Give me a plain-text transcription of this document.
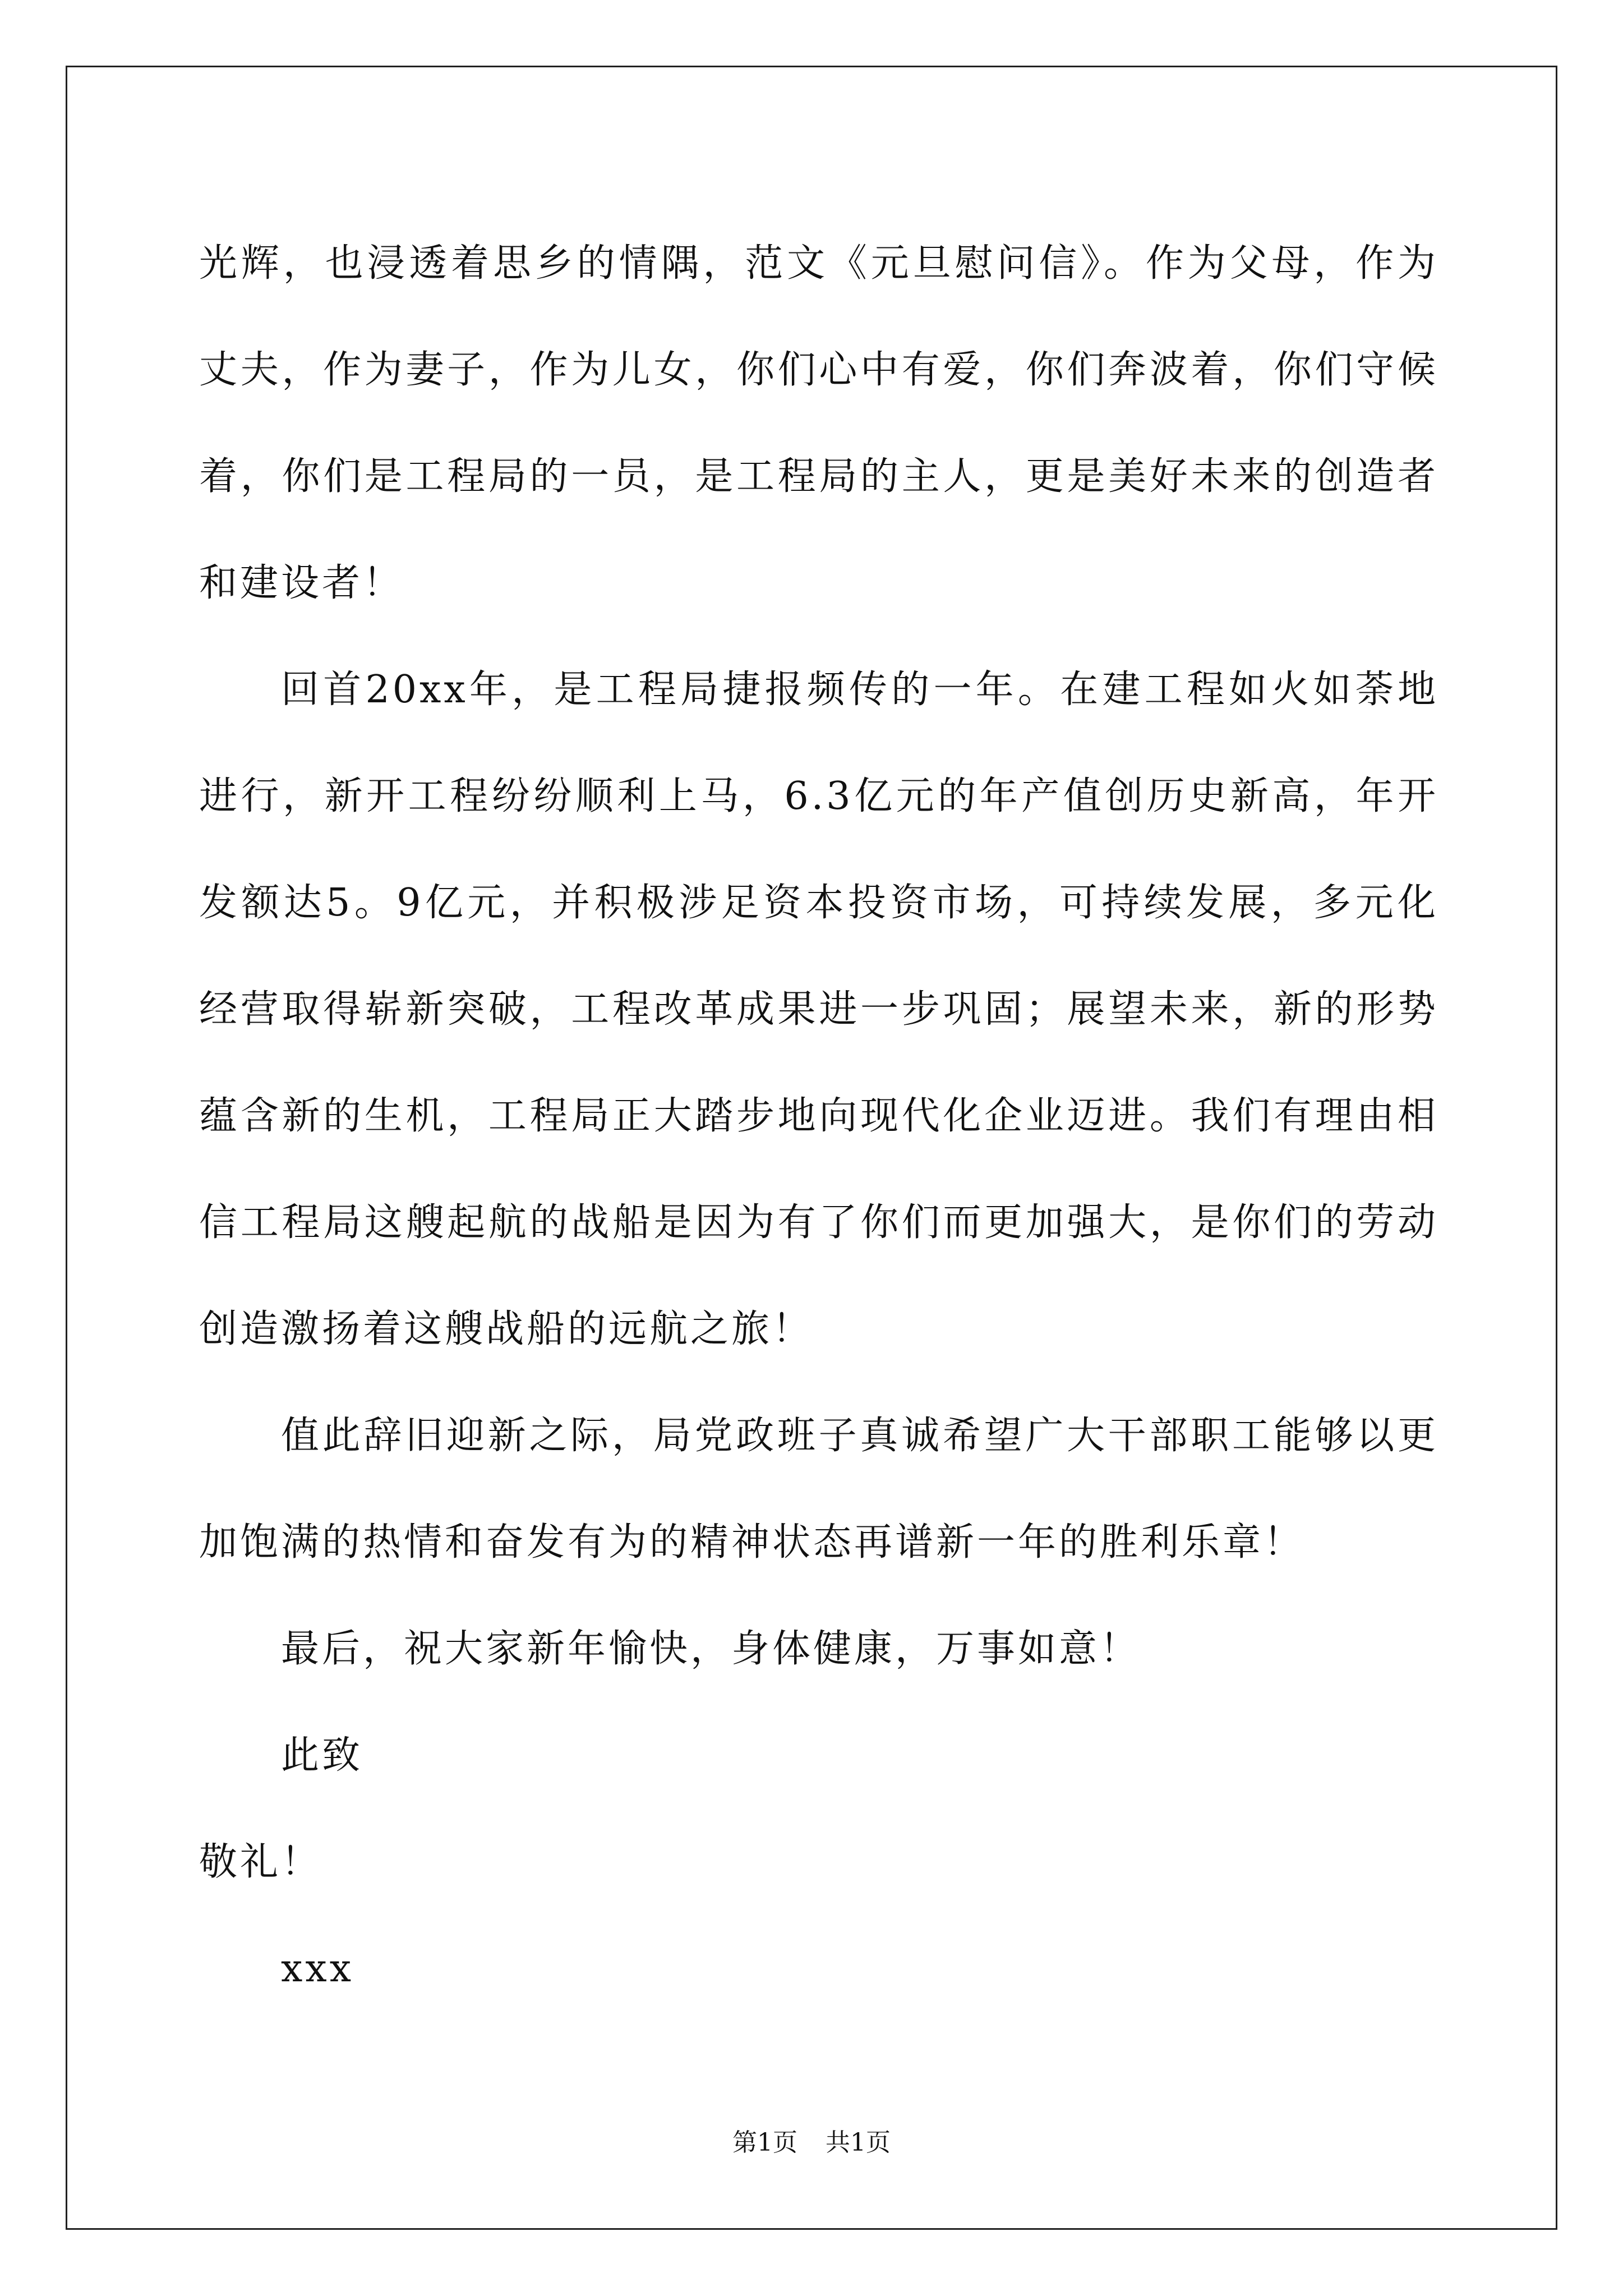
光辉，也浸透着思乡的情隅，范文《元旦慰问信》。作为父母，作为丈夫，作为妻子，作为儿女，你们心中有爱，你们奔波着，你们守候着，你们是工程局的一员，是工程局的主人，更是美好未来的创造者和建设者！

回首20xx年，是工程局捷报频传的一年。在建工程如火如荼地进行，新开工程纷纷顺利上马，6.3亿元的年产值创历史新高，年开发额达5。9亿元，并积极涉足资本投资市场，可持续发展，多元化经营取得崭新突破，工程改革成果进一步巩固；展望未来，新的形势蕴含新的生机，工程局正大踏步地向现代化企业迈进。我们有理由相信工程局这艘起航的战船是因为有了你们而更加强大，是你们的劳动创造激扬着这艘战船的远航之旅！

值此辞旧迎新之际，局党政班子真诚希望广大干部职工能够以更加饱满的热情和奋发有为的精神状态再谱新一年的胜利乐章！

最后，祝大家新年愉快，身体健康，万事如意！

此致

敬礼！

xxx

第1页 共1页
